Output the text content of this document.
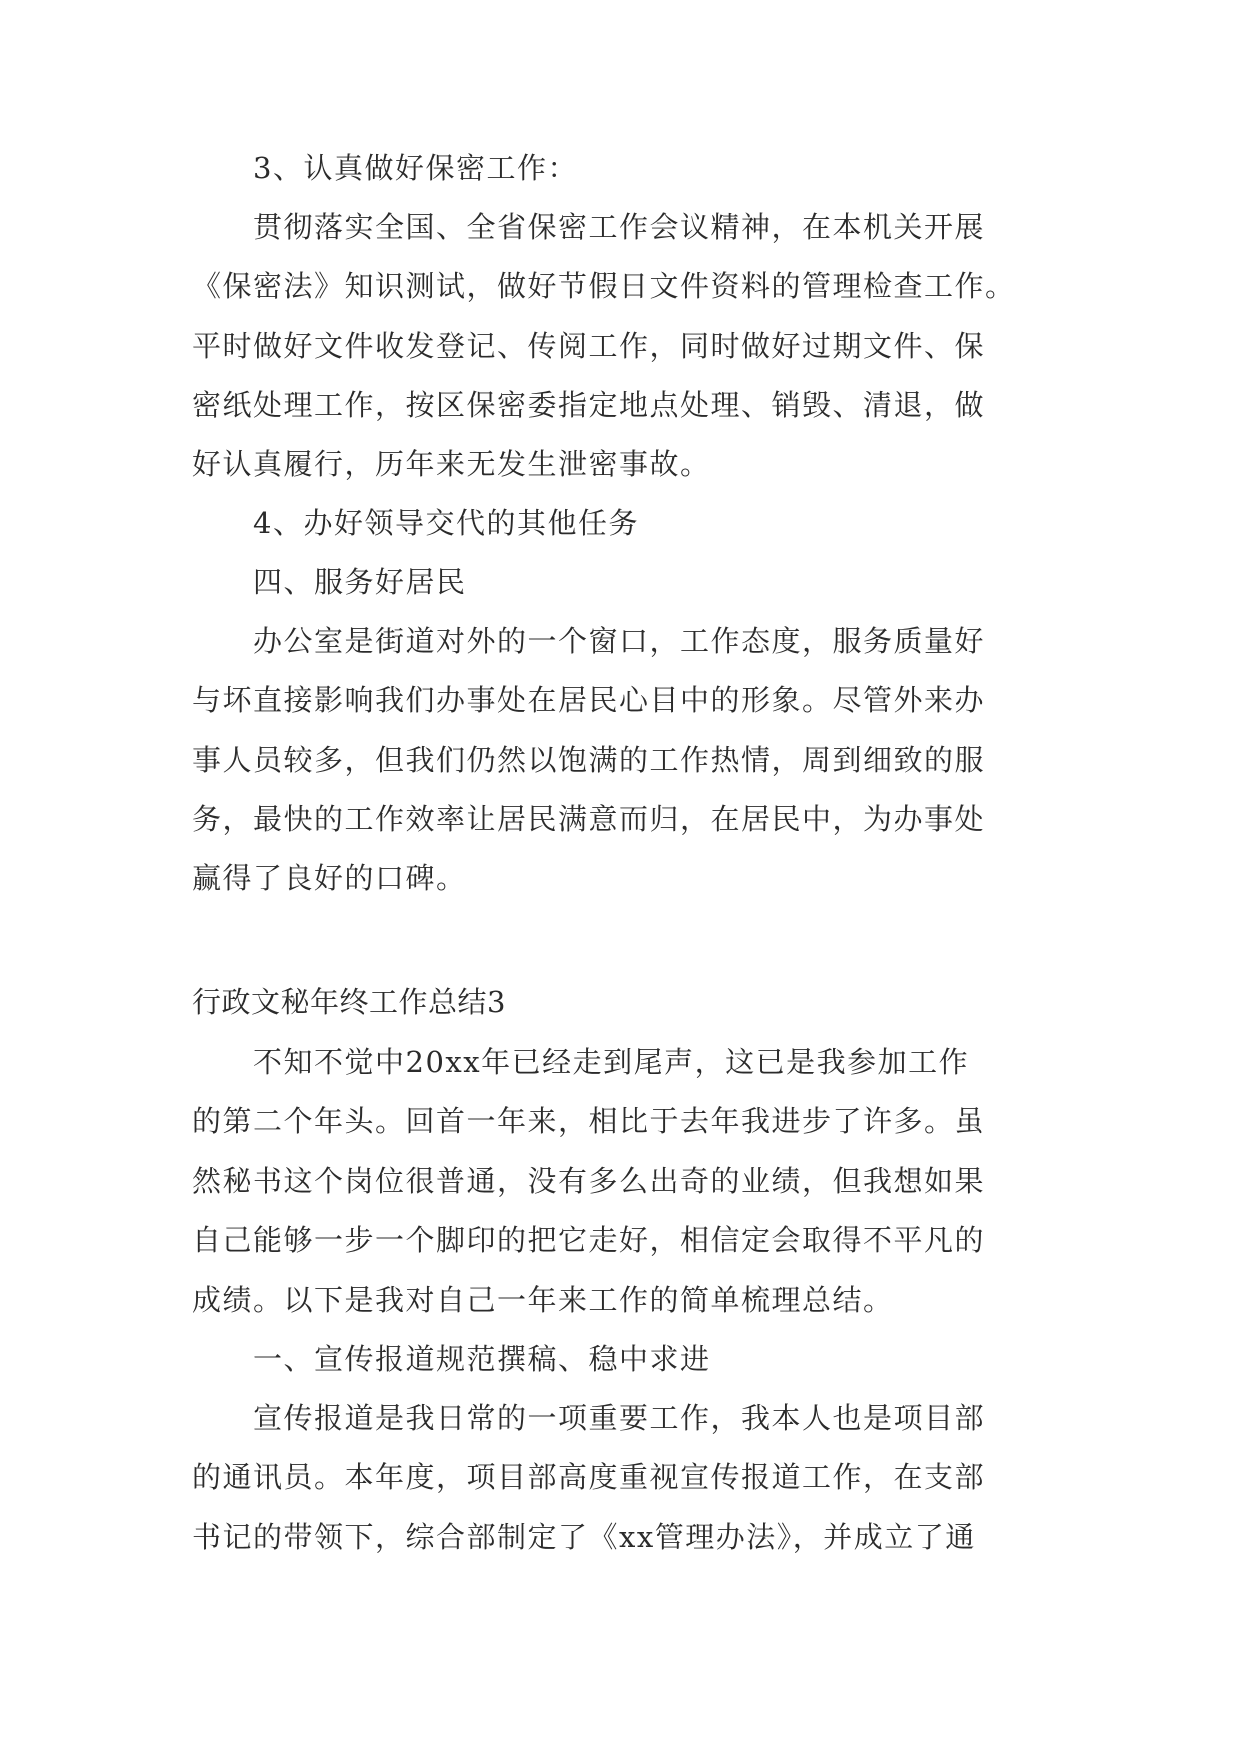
3、认真做好保密工作：
贯彻落实全国、全省保密工作会议精神，在本机关开展
《保密法》知识测试，做好节假日文件资料的管理检查工作。
平时做好文件收发登记、传阅工作，同时做好过期文件、保
密纸处理工作，按区保密委指定地点处理、销毁、清退，做
好认真履行，历年来无发生泄密事故。
4、办好领导交代的其他任务
四、服务好居民
办公室是街道对外的一个窗口，工作态度，服务质量好
与坏直接影响我们办事处在居民心目中的形象。尽管外来办
事人员较多，但我们仍然以饱满的工作热情，周到细致的服
务，最快的工作效率让居民满意而归，在居民中，为办事处
赢得了良好的口碑。
行政文秘年终工作总结3
不知不觉中20xx年已经走到尾声，这已是我参加工作
的第二个年头。回首一年来，相比于去年我进步了许多。虽
然秘书这个岗位很普通，没有多么出奇的业绩，但我想如果
自己能够一步一个脚印的把它走好，相信定会取得不平凡的
成绩。以下是我对自己一年来工作的简单梳理总结。
一、宣传报道规范撰稿、稳中求进
宣传报道是我日常的一项重要工作，我本人也是项目部
的通讯员。本年度，项目部高度重视宣传报道工作，在支部
书记的带领下，综合部制定了《xx管理办法》，并成立了通
